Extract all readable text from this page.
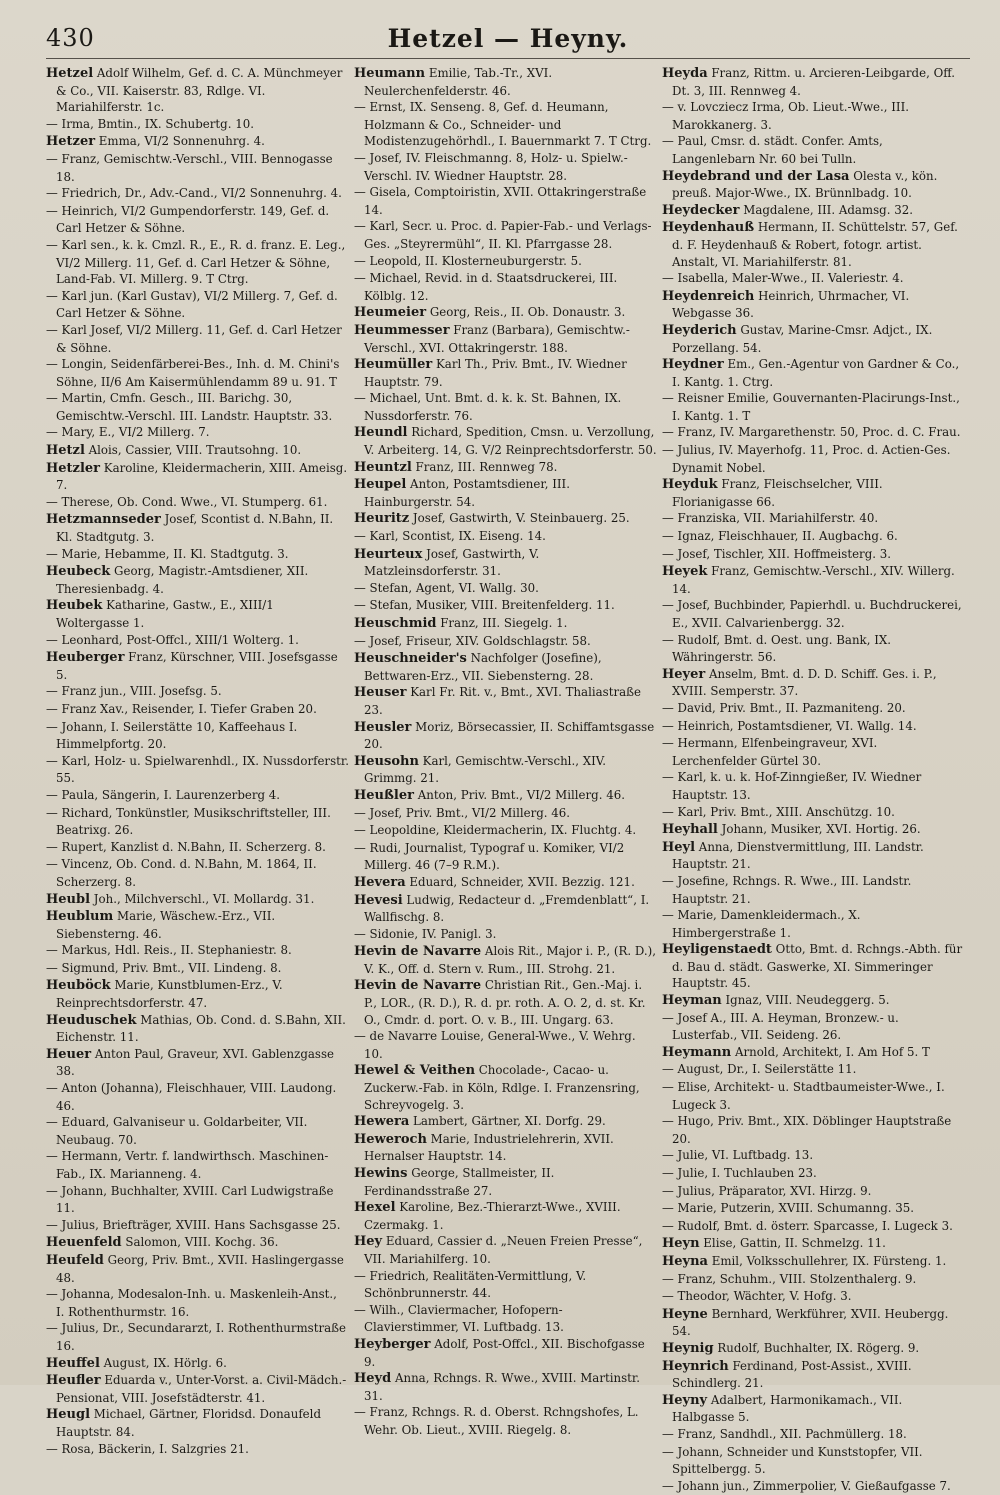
430	Hetzel — Heyny.

Hetzel Adolf Wilhelm, Gef. d. C. A. Münchmeyer & Co., VII. Kaiserstr. 83, Rdlge. VI. Mariahilferstr. 1c.

— Irma, Bmtin., IX. Schubertg. 10.

Hetzer Emma, VI/2 Sonnenuhrg. 4.

— Franz, Gemischtw.-Verschl., VIII. Bennogasse 18.

— Friedrich, Dr., Adv.-Cand., VI/2 Sonnenuhrg. 4.

— Heinrich, VI/2 Gumpendorferstr. 149, Gef. d. Carl Hetzer & Söhne.

— Karl sen., k. k. Cmzl. R., E., R. d. franz. E. Leg., VI/2 Millerg. 11, Gef. d. Carl Hetzer & Söhne, Land-Fab. VI. Millerg. 9. T Ctrg.

— Karl jun. (Karl Gustav), VI/2 Millerg. 7, Gef. d. Carl Hetzer & Söhne.

— Karl Josef, VI/2 Millerg. 11, Gef. d. Carl Hetzer & Söhne.

— Longin, Seidenfärberei-Bes., Inh. d. M. Chini's Söhne, II/6 Am Kaisermühlendamm 89 u. 91. T

— Martin, Cmfn. Gesch., III. Barichg. 30, Gemischtw.-Verschl. III. Landstr. Hauptstr. 33.

— Mary, E., VI/2 Millerg. 7.

Hetzl Alois, Cassier, VIII. Trautsohng. 10.

Hetzler Karoline, Kleidermacherin, XIII. Ameisg. 7.

— Therese, Ob. Cond. Wwe., VI. Stumperg. 61.

Hetzmannseder Josef, Scontist d. N.Bahn, II. Kl. Stadtgutg. 3.

— Marie, Hebamme, II. Kl. Stadtgutg. 3.

Heubeck Georg, Magistr.-Amtsdiener, XII. Theresienbadg. 4.

Heubek Katharine, Gastw., E., XIII/1 Woltergasse 1.

— Leonhard, Post-Offcl., XIII/1 Wolterg. 1.

Heuberger Franz, Kürschner, VIII. Josefsgasse 5.

— Franz jun., VIII. Josefsg. 5.

— Franz Xav., Reisender, I. Tiefer Graben 20.

— Johann, I. Seilerstätte 10, Kaffeehaus I. Himmelpfortg. 20.

— Karl, Holz- u. Spielwarenhdl., IX. Nussdorferstr. 55.

— Paula, Sängerin, I. Laurenzerberg 4.

— Richard, Tonkünstler, Musikschriftsteller, III. Beatrixg. 26.

— Rupert, Kanzlist d. N.Bahn, II. Scherzerg. 8.

— Vincenz, Ob. Cond. d. N.Bahn, M. 1864, II. Scherzerg. 8.

Heubl Joh., Milchverschl., VI. Mollardg. 31.

Heublum Marie, Wäschew.-Erz., VII. Siebensterng. 46.

— Markus, Hdl. Reis., II. Stephaniestr. 8.

— Sigmund, Priv. Bmt., VII. Lindeng. 8.

Heuböck Marie, Kunstblumen-Erz., V. Reinprechtsdorferstr. 47.

Heuduschek Mathias, Ob. Cond. d. S.Bahn, XII. Eichenstr. 11.

Heuer Anton Paul, Graveur, XVI. Gablenzgasse 38.

— Anton (Johanna), Fleischhauer, VIII. Laudong. 46.

— Eduard, Galvaniseur u. Goldarbeiter, VII. Neubaug. 70.

— Hermann, Vertr. f. landwirthsch. Maschinen-Fab., IX. Marianneng. 4.

— Johann, Buchhalter, XVIII. Carl Ludwigstraße 11.

— Julius, Briefträger, XVIII. Hans Sachsgasse 25.

Heuenfeld Salomon, VIII. Kochg. 36.

Heufeld Georg, Priv. Bmt., XVII. Haslingergasse 48.

— Johanna, Modesalon-Inh. u. Maskenleih-Anst., I. Rothenthurmstr. 16.

— Julius, Dr., Secundararzt, I. Rothenthurmstraße 16.

Heuffel August, IX. Hörlg. 6.

Heufler Eduarda v., Unter-Vorst. a. Civil-Mädch.-Pensionat, VIII. Josefstädterstr. 41.

Heugl Michael, Gärtner, Floridsd. Donaufeld Hauptstr. 84.

— Rosa, Bäckerin, I. Salzgries 21.

Heumann Emilie, Tab.-Tr., XVI. Neulerchenfelderstr. 46.

— Ernst, IX. Senseng. 8, Gef. d. Heumann, Holzmann & Co., Schneider- und Modistenzugehörhdl., I. Bauernmarkt 7. T Ctrg.

— Josef, IV. Fleischmanng. 8, Holz- u. Spielw.-Verschl. IV. Wiedner Hauptstr. 28.

— Gisela, Comptoiristin, XVII. Ottakringerstraße 14.

— Karl, Secr. u. Proc. d. Papier-Fab.- und Verlags-Ges. „Steyrermühl“, II. Kl. Pfarrgasse 28.

— Leopold, II. Klosterneuburgerstr. 5.

— Michael, Revid. in d. Staatsdruckerei, III. Kölblg. 12.

Heumeier Georg, Reis., II. Ob. Donaustr. 3.

Heummesser Franz (Barbara), Gemischtw.-Verschl., XVI. Ottakringerstr. 188.

Heumüller Karl Th., Priv. Bmt., IV. Wiedner Hauptstr. 79.

— Michael, Unt. Bmt. d. k. k. St. Bahnen, IX. Nussdorferstr. 76.

Heundl Richard, Spedition, Cmsn. u. Verzollung, V. Arbeiterg. 14, G. V/2 Reinprechtsdorferstr. 50.

Heuntzl Franz, III. Rennweg 78.

Heupel Anton, Postamtsdiener, III. Hainburgerstr. 54.

Heuritz Josef, Gastwirth, V. Steinbauerg. 25.

— Karl, Scontist, IX. Eiseng. 14.

Heurteux Josef, Gastwirth, V. Matzleinsdorferstr. 31.

— Stefan, Agent, VI. Wallg. 30.

— Stefan, Musiker, VIII. Breitenfelderg. 11.

Heuschmid Franz, III. Siegelg. 1.

— Josef, Friseur, XIV. Goldschlagstr. 58.

Heuschneider's Nachfolger (Josefine), Bettwaren-Erz., VII. Siebensterng. 28.

Heuser Karl Fr. Rit. v., Bmt., XVI. Thaliastraße 23.

Heusler Moriz, Börsecassier, II. Schiffamtsgasse 20.

Heusohn Karl, Gemischtw.-Verschl., XIV. Grimmg. 21.

Heußler Anton, Priv. Bmt., VI/2 Millerg. 46.

— Josef, Priv. Bmt., VI/2 Millerg. 46.

— Leopoldine, Kleidermacherin, IX. Fluchtg. 4.

— Rudi, Journalist, Typograf u. Komiker, VI/2 Millerg. 46 (7–9 R.M.).

Hevera Eduard, Schneider, XVII. Bezzig. 121.

Hevesi Ludwig, Redacteur d. „Fremdenblatt“, I. Wallfischg. 8.

— Sidonie, IV. Panigl. 3.

Hevin de Navarre Alois Rit., Major i. P., (R. D.), V. K., Off. d. Stern v. Rum., III. Strohg. 21.

Hevin de Navarre Christian Rit., Gen.-Maj. i. P., LOR., (R. D.), R. d. pr. roth. A. O. 2, d. st. Kr. O., Cmdr. d. port. O. v. B., III. Ungarg. 63.

— de Navarre Louise, General-Wwe., V. Wehrg. 10.

Hewel & Veithen Chocolade-, Cacao- u. Zuckerw.-Fab. in Köln, Rdlge. I. Franzensring, Schreyvogelg. 3.

Hewera Lambert, Gärtner, XI. Dorfg. 29.

Heweroch Marie, Industrielehrerin, XVII. Hernalser Hauptstr. 14.

Hewins George, Stallmeister, II. Ferdinandsstraße 27.

Hexel Karoline, Bez.-Thierarzt-Wwe., XVIII. Czermakg. 1.

Hey Eduard, Cassier d. „Neuen Freien Presse“, VII. Mariahilferg. 10.

— Friedrich, Realitäten-Vermittlung, V. Schönbrunnerstr. 44.

— Wilh., Claviermacher, Hofopern-Clavierstimmer, VI. Luftbadg. 13.

Heyberger Adolf, Post-Offcl., XII. Bischofgasse 9.

Heyd Anna, Rchngs. R. Wwe., XVIII. Martinstr. 31.

— Franz, Rchngs. R. d. Oberst. Rchngshofes, L. Wehr. Ob. Lieut., XVIII. Riegelg. 8.

Heyda Franz, Rittm. u. Arcieren-Leibgarde, Off. Dt. 3, III. Rennweg 4.

— v. Lovcziecz Irma, Ob. Lieut.-Wwe., III. Marokkanerg. 3.

— Paul, Cmsr. d. städt. Confer. Amts, Langenlebarn Nr. 60 bei Tulln.

Heydebrand und der Lasa Olesta v., kön. preuß. Major-Wwe., IX. Brünnlbadg. 10.

Heydecker Magdalene, III. Adamsg. 32.

Heydenhauß Hermann, II. Schüttelstr. 57, Gef. d. F. Heydenhauß & Robert, fotogr. artist. Anstalt, VI. Mariahilferstr. 81.

— Isabella, Maler-Wwe., II. Valeriestr. 4.

Heydenreich Heinrich, Uhrmacher, VI. Webgasse 36.

Heyderich Gustav, Marine-Cmsr. Adjct., IX. Porzellang. 54.

Heydner Em., Gen.-Agentur von Gardner & Co., I. Kantg. 1. Ctrg.

— Reisner Emilie, Gouvernanten-Placirungs-Inst., I. Kantg. 1. T

— Franz, IV. Margarethenstr. 50, Proc. d. C. Frau.

— Julius, IV. Mayerhofg. 11, Proc. d. Actien-Ges. Dynamit Nobel.

Heyduk Franz, Fleischselcher, VIII. Florianigasse 66.

— Franziska, VII. Mariahilferstr. 40.

— Ignaz, Fleischhauer, II. Augbachg. 6.

— Josef, Tischler, XII. Hoffmeisterg. 3.

Heyek Franz, Gemischtw.-Verschl., XIV. Willerg. 14.

— Josef, Buchbinder, Papierhdl. u. Buchdruckerei, E., XVII. Calvarienbergg. 32.

— Rudolf, Bmt. d. Oest. ung. Bank, IX. Währingerstr. 56.

Heyer Anselm, Bmt. d. D. D. Schiff. Ges. i. P., XVIII. Semperstr. 37.

— David, Priv. Bmt., II. Pazmaniteng. 20.

— Heinrich, Postamtsdiener, VI. Wallg. 14.

— Hermann, Elfenbeingraveur, XVI. Lerchenfelder Gürtel 30.

— Karl, k. u. k. Hof-Zinngießer, IV. Wiedner Hauptstr. 13.

— Karl, Priv. Bmt., XIII. Anschützg. 10.

Heyhall Johann, Musiker, XVI. Hortig. 26.

Heyl Anna, Dienstvermittlung, III. Landstr. Hauptstr. 21.

— Josefine, Rchngs. R. Wwe., III. Landstr. Hauptstr. 21.

— Marie, Damenkleidermach., X. Himbergerstraße 1.

Heyligenstaedt Otto, Bmt. d. Rchngs.-Abth. für d. Bau d. städt. Gaswerke, XI. Simmeringer Hauptstr. 45.

Heyman Ignaz, VIII. Neudeggerg. 5.

— Josef A., III. A. Heyman, Bronzew.- u. Lusterfab., VII. Seideng. 26.

Heymann Arnold, Architekt, I. Am Hof 5. T

— August, Dr., I. Seilerstätte 11.

— Elise, Architekt- u. Stadtbaumeister-Wwe., I. Lugeck 3.

— Hugo, Priv. Bmt., XIX. Döblinger Hauptstraße 20.

— Julie, VI. Luftbadg. 13.

— Julie, I. Tuchlauben 23.

— Julius, Präparator, XVI. Hirzg. 9.

— Marie, Putzerin, XVIII. Schumanng. 35.

— Rudolf, Bmt. d. österr. Sparcasse, I. Lugeck 3.

Heyn Elise, Gattin, II. Schmelzg. 11.

Heyna Emil, Volksschullehrer, IX. Fürsteng. 1.

— Franz, Schuhm., VIII. Stolzenthalerg. 9.

— Theodor, Wächter, V. Hofg. 3.

Heyne Bernhard, Werkführer, XVII. Heubergg. 54.

Heynig Rudolf, Buchhalter, IX. Rögerg. 9.

Heynrich Ferdinand, Post-Assist., XVIII. Schindlerg. 21.

Heyny Adalbert, Harmonikamach., VII. Halbgasse 5.

— Franz, Sandhdl., XII. Pachmüllerg. 18.

— Johann, Schneider und Kunststopfer, VII. Spittelbergg. 5.

— Johann jun., Zimmerpolier, V. Gießaufgasse 7.
